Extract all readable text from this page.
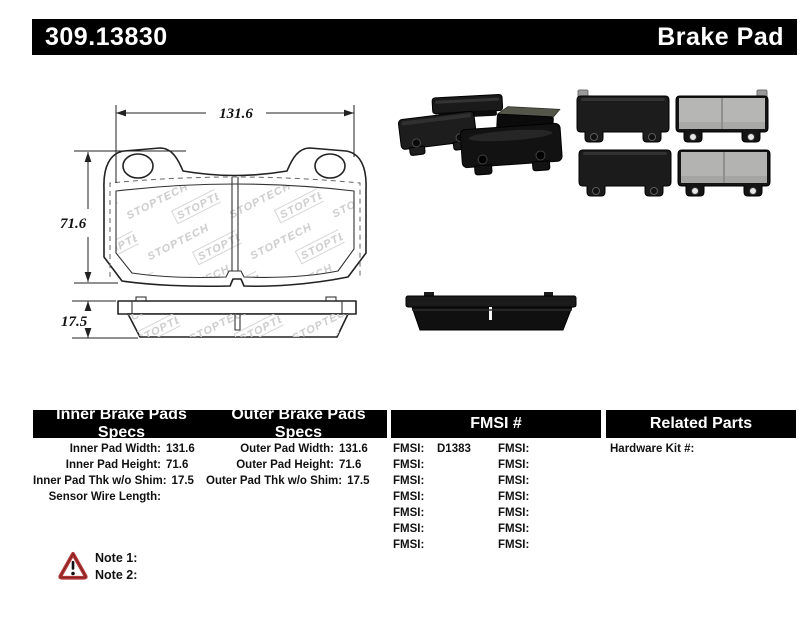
309.13830	Brake Pad
131.6
71.6
17.5
Inner Brake Pads Specs
Outer Brake Pads Specs
FMSI #	Related Parts
Inner Pad Width: 131.6
Inner Pad Height: 71.6
Inner Pad Thk w/o Shim: 17.5
Sensor Wire Length:
Outer Pad Width: 131.6
Outer Pad Height: 71.6
Outer Pad Thk w/o Shim: 17.5
FMSI:	D1383
FMSI:
FMSI:
FMSI:
FMSI:
FMSI:
FMSI:
FMSI:
FMSI:
FMSI:
FMSI:
FMSI:
FMSI:
FMSI:
Hardware Kit #:
Note 1:
Note 2:
